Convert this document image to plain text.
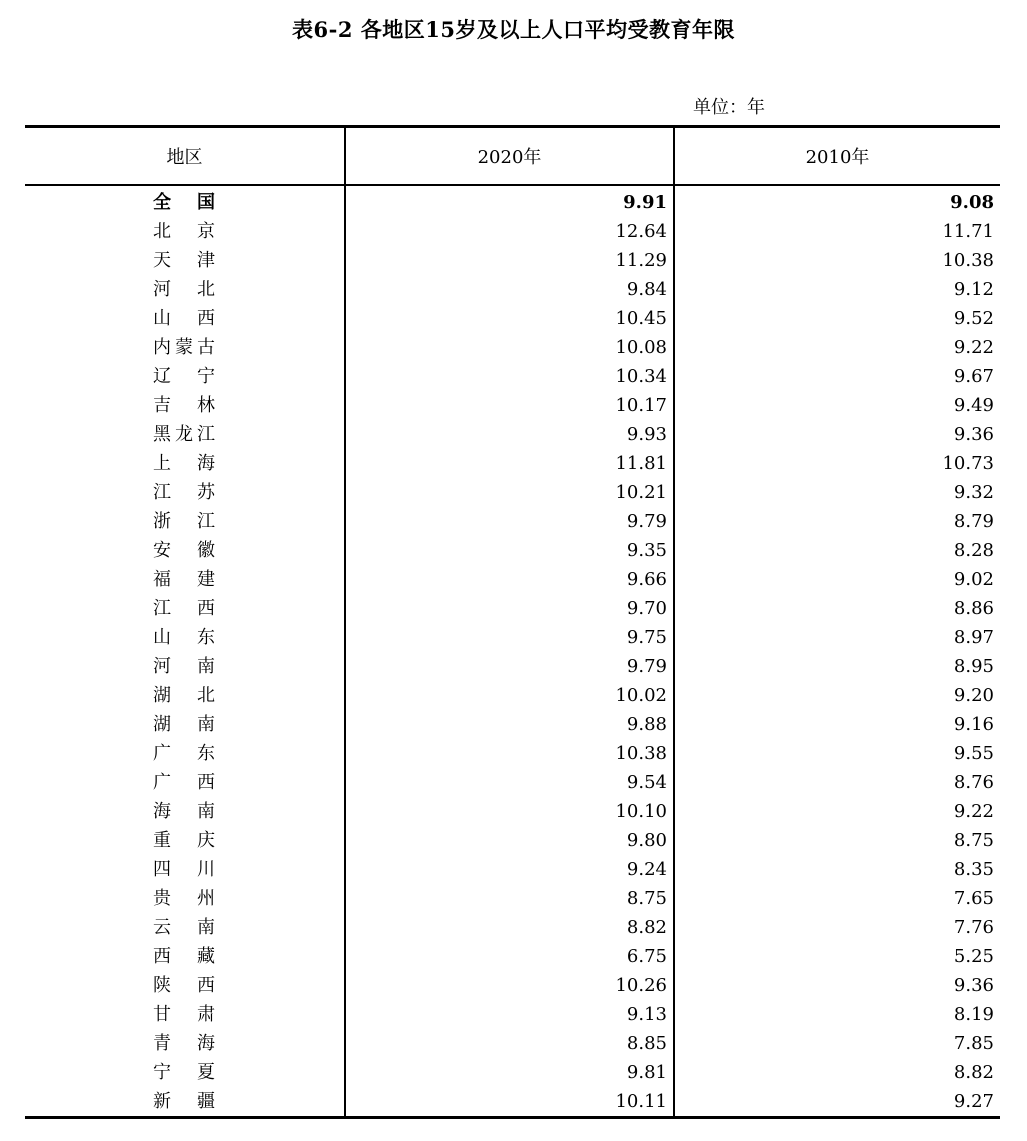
表6-2 各地区15岁及以上人口平均受教育年限
单位：年
地区	2020年	2010年
全 国	9.91	9.08
北 京	12.64	11.71
天 津	11.29	10.38
河 北	9.84	9.12
山 西	10.45	9.52
内蒙古	10.08	9.22
辽 宁	10.34	9.67
吉 林	10.17	9.49
黑龙江	9.93	9.36
上 海	11.81	10.73
江 苏	10.21	9.32
浙 江	9.79	8.79
安 徽	9.35	8.28
福 建	9.66	9.02
江 西	9.70	8.86
山 东	9.75	8.97
河 南	9.79	8.95
湖 北	10.02	9.20
湖 南	9.88	9.16
广 东	10.38	9.55
广 西	9.54	8.76
海 南	10.10	9.22
重 庆	9.80	8.75
四 川	9.24	8.35
贵 州	8.75	7.65
云 南	8.82	7.76
西 藏	6.75	5.25
陕 西	10.26	9.36
甘 肃	9.13	8.19
青 海	8.85	7.85
宁 夏	9.81	8.82
新 疆	10.11	9.27
